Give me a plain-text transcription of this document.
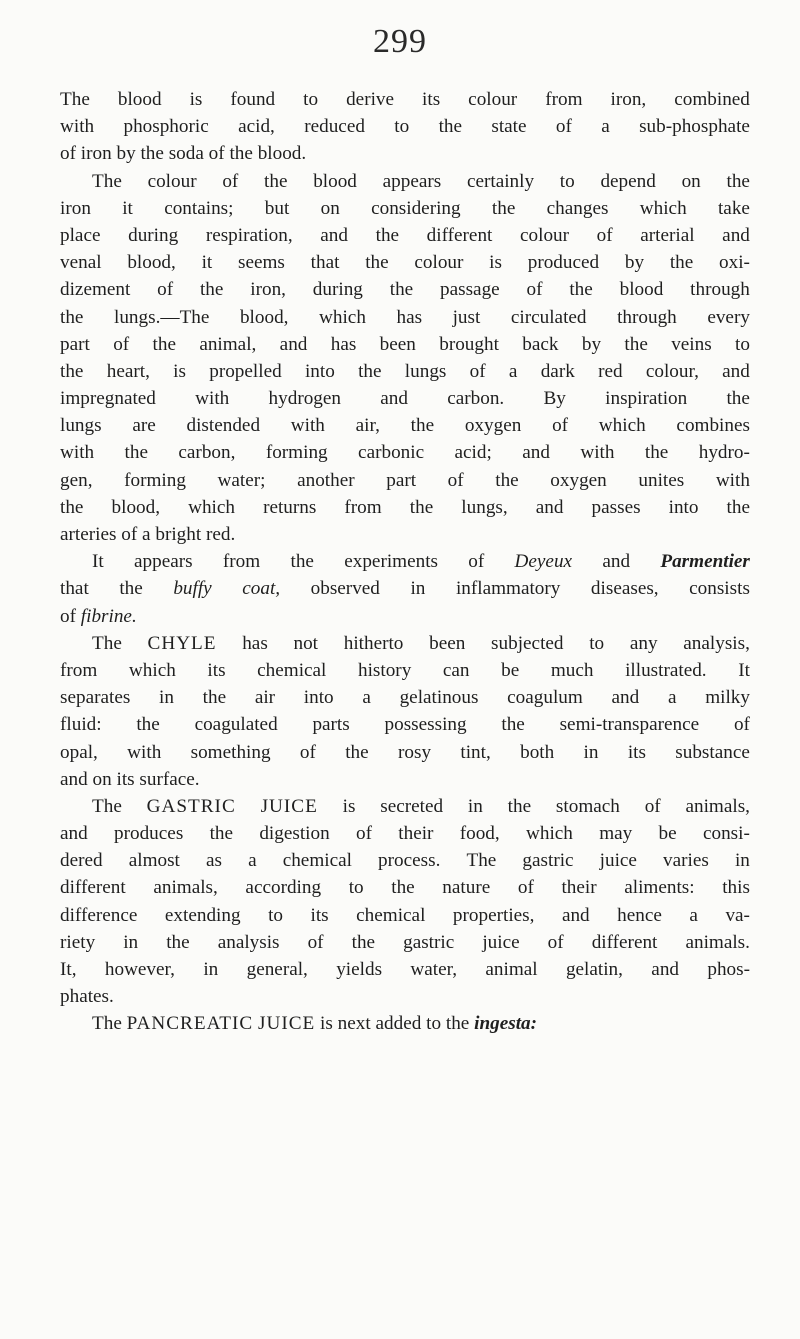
299
The blood is found to derive its colour from iron, combined
with phosphoric acid, reduced to the state of a sub-phosphate
of iron by the soda of the blood.
The colour of the blood appears certainly to depend on the
iron it contains; but on considering the changes which take
place during respiration, and the different colour of arterial and
venal blood, it seems that the colour is produced by the oxi-
dizement of the iron, during the passage of the blood through
the lungs.—The blood, which has just circulated through every
part of the animal, and has been brought back by the veins to
the heart, is propelled into the lungs of a dark red colour, and
impregnated with hydrogen and carbon. By inspiration the
lungs are distended with air, the oxygen of which combines
with the carbon, forming carbonic acid; and with the hydro-
gen, forming water; another part of the oxygen unites with
the blood, which returns from the lungs, and passes into the
arteries of a bright red.
It appears from the experiments of Deyeux and Parmentier
that the buffy coat, observed in inflammatory diseases, consists
of fibrine.
The CHYLE has not hitherto been subjected to any analysis,
from which its chemical history can be much illustrated. It
separates in the air into a gelatinous coagulum and a milky
fluid: the coagulated parts possessing the semi-transparence of
opal, with something of the rosy tint, both in its substance
and on its surface.
The GASTRIC JUICE is secreted in the stomach of animals,
and produces the digestion of their food, which may be consi-
dered almost as a chemical process. The gastric juice varies in
different animals, according to the nature of their aliments: this
difference extending to its chemical properties, and hence a va-
riety in the analysis of the gastric juice of different animals.
It, however, in general, yields water, animal gelatin, and phos-
phates.
The PANCREATIC JUICE is next added to the ingesta:
